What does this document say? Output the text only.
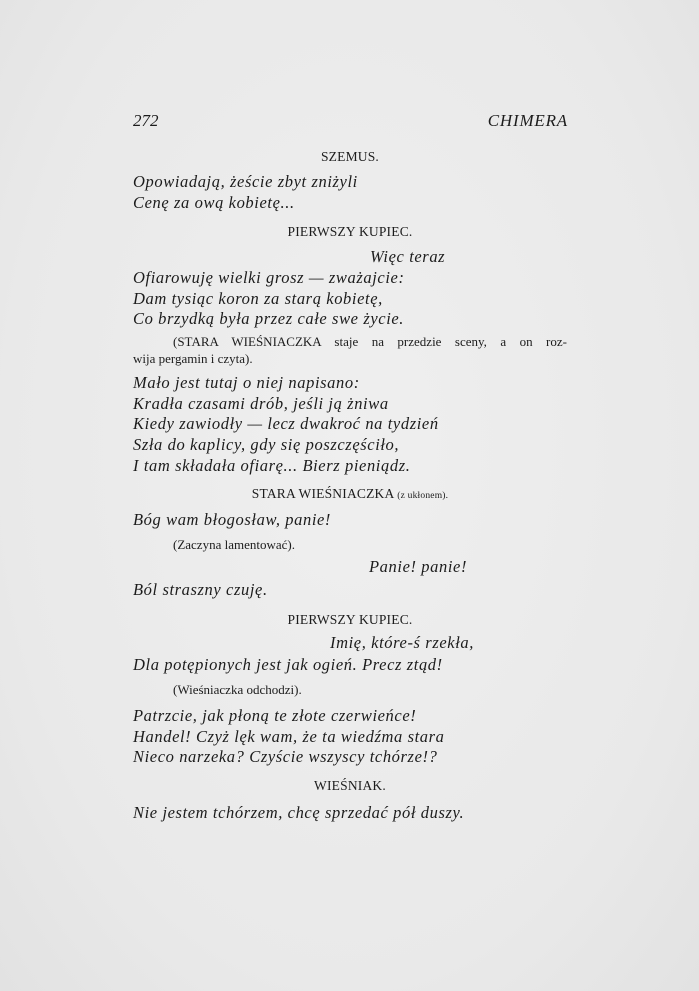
272	CHIMERA
SZEMUS.
Opowiadają, żeście zbyt zniżyli
Cenę za ową kobietę...
PIERWSZY KUPIEC.
Więc teraz
Ofiarowuję wielki grosz — zważajcie:
Dam tysiąc koron za starą kobietę,
Co brzydką była przez całe swe życie.
(STARA WIEŚNIACZKA staje na przedzie sceny, a on roz-
wija pergamin i czyta).
Mało jest tutaj o niej napisano:
Kradła czasami drób, jeśli ją żniwa
Kiedy zawiodły — lecz dwakroć na tydzień
Szła do kaplicy, gdy się poszczęściło,
I tam składała ofiarę... Bierz pieniądz.
STARA WIEŚNIACZKA (z ukłonem).
Bóg wam błogosław, panie!
(Zaczyna lamentować).
Panie! panie!
Ból straszny czuję.
PIERWSZY KUPIEC.
Imię, które-ś rzekła,
Dla potępionych jest jak ogień. Precz ztąd!
(Wieśniaczka odchodzi).
Patrzcie, jak płoną te złote czerwieńce!
Handel! Czyż lęk wam, że ta wiedźma stara
Nieco narzeka? Czyście wszyscy tchórze!?
WIEŚNIAK.
Nie jestem tchórzem, chcę sprzedać pół duszy.
